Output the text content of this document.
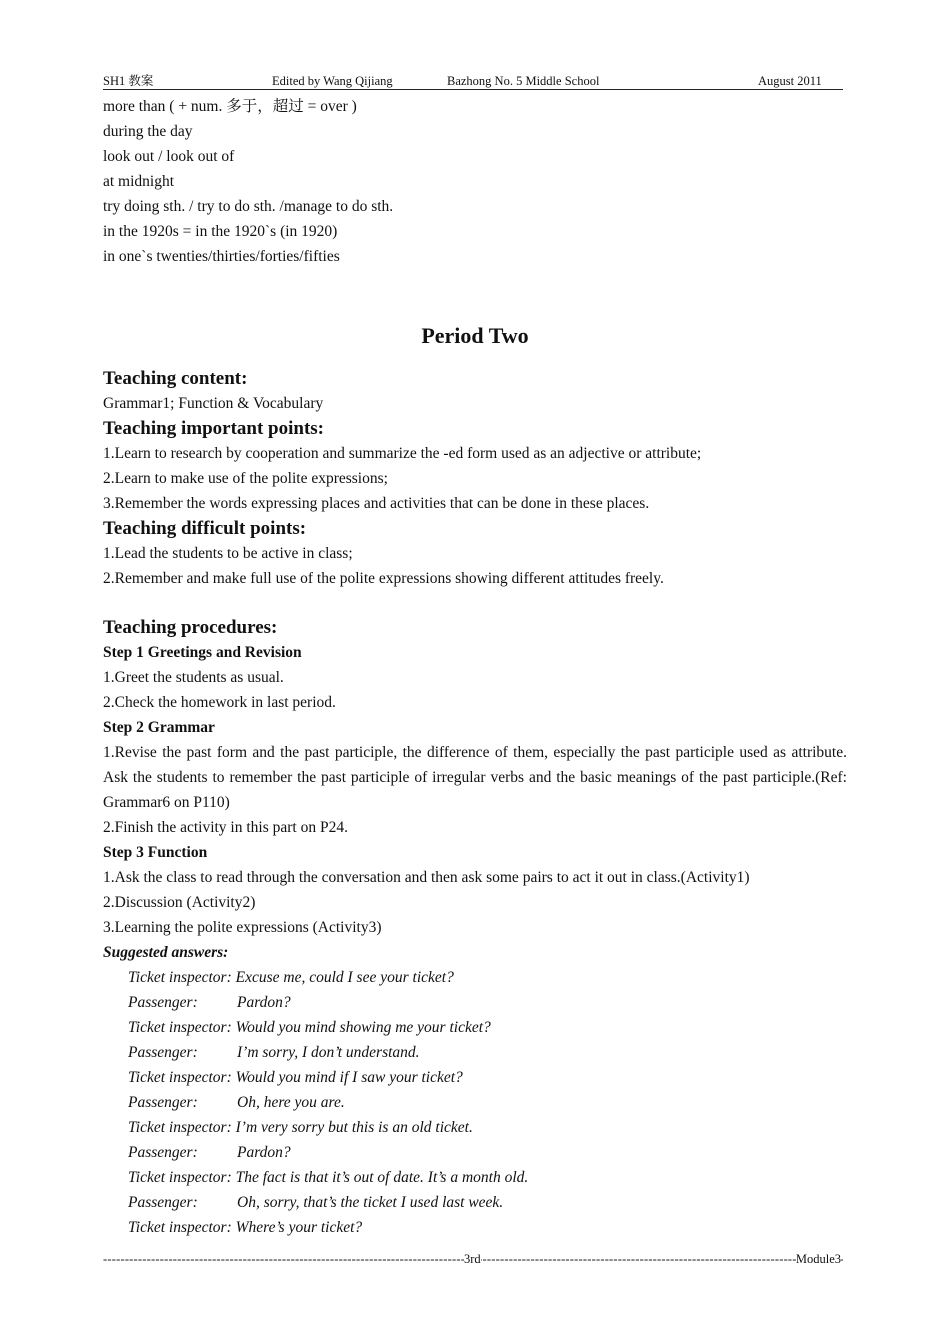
SH1 教案	Edited by Wang Qijiang	Bazhong No. 5 Middle School	August 2011
more than ( + num. 多于，超过 = over )
during the day
look out / look out of
at midnight
try doing sth. / try to do sth. /manage to do sth.
in the 1920s = in the 1920`s (in 1920)
in one`s twenties/thirties/forties/fifties
Period Two
Teaching content:
Grammar1; Function & Vocabulary
Teaching important points:
1.Learn to research by cooperation and summarize the -ed form used as an adjective or attribute;
2.Learn to make use of the polite expressions;
3.Remember the words expressing places and activities that can be done in these places.
Teaching difficult points:
1.Lead the students to be active in class;
2.Remember and make full use of the polite expressions showing different attitudes freely.
Teaching procedures:
Step 1 Greetings and Revision
1.Greet the students as usual.
2.Check the homework in last period.
Step 2 Grammar
1.Revise the past form and the past participle, the difference of them, especially the past participle used as attribute. Ask the students to remember the past participle of irregular verbs and the basic meanings of the past participle.(Ref: Grammar6 on P110)
2.Finish the activity in this part on P24.
Step 3 Function
1.Ask the class to read through the conversation and then ask some pairs to act it out in class.(Activity1)
2.Discussion (Activity2)
3.Learning the polite expressions (Activity3)
Suggested answers:
Ticket inspector: Excuse me, could I see your ticket?
Passenger:	Pardon?
Ticket inspector: Would you mind showing me your ticket?
Passenger:	I’m sorry, I don’t understand.
Ticket inspector: Would you mind if I saw your ticket?
Passenger:	Oh, here you are.
Ticket inspector: I’m very sorry but this is an old ticket.
Passenger:	Pardon?
Ticket inspector: The fact is that it’s out of date. It’s a month old.
Passenger:	Oh, sorry, that’s the ticket I used last week.
Ticket inspector: Where’s your ticket?
-----
3rd	Module3
